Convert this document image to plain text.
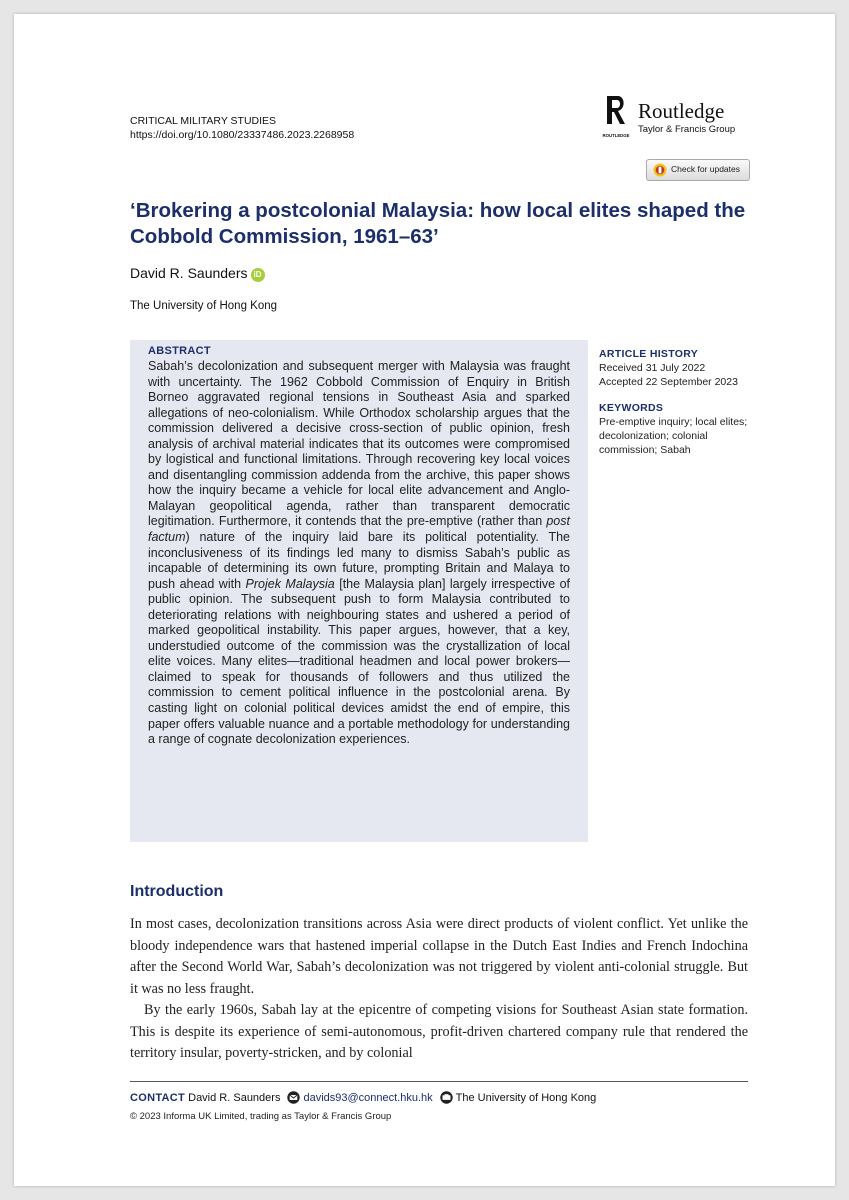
CRITICAL MILITARY STUDIES
https://doi.org/10.1080/23337486.2023.2268958	ROUTLEDGE
Routledge
Taylor & Francis Group
Check for updates
‘Brokering a postcolonial Malaysia: how local elites shaped the Cobbold Commission, 1961–63’
David R. Saunders iD
The University of Hong Kong
ABSTRACT
Sabah’s decolonization and subsequent merger with Malaysia was fraught with uncertainty. The 1962 Cobbold Commission of Enquiry in British Borneo aggravated regional tensions in Southeast Asia and sparked allegations of neo-colonialism. While Orthodox scholarship argues that the commission delivered a decisive cross-section of public opinion, fresh analysis of archival material indicates that its outcomes were compromised by logistical and functional limitations. Through recovering key local voices and disentangling commission addenda from the archive, this paper shows how the inquiry became a vehicle for local elite advancement and Anglo-Malayan geopolitical agenda, rather than transparent democratic legitimation. Furthermore, it contends that the pre-emptive (rather than post factum) nature of the inquiry laid bare its political potentiality. The inconclusiveness of its findings led many to dismiss Sabah’s public as incapable of determining its own future, prompting Britain and Malaya to push ahead with Projek Malaysia [the Malaysia plan] largely irrespective of public opinion. The subsequent push to form Malaysia contributed to deteriorating relations with neighbouring states and ushered a period of marked geopolitical instability. This paper argues, however, that a key, understudied outcome of the commission was the crystallization of local elite voices. Many elites—traditional headmen and local power brokers—claimed to speak for thousands of followers and thus utilized the commission to cement political influence in the postcolonial arena. By casting light on colonial political devices amidst the end of empire, this paper offers valuable nuance and a portable methodology for understanding a range of cognate decolonization experiences.
ARTICLE HISTORY
Received 31 July 2022
Accepted 22 September 2023
KEYWORDS
Pre-emptive inquiry; local elites; decolonization; colonial commission; Sabah
Introduction

In most cases, decolonization transitions across Asia were direct products of violent conflict. Yet unlike the bloody independence wars that hastened imperial collapse in the Dutch East Indies and French Indochina after the Second World War, Sabah’s decolonization was not triggered by violent anti-colonial struggle. But it was no less fraught.

By the early 1960s, Sabah lay at the epicentre of competing visions for Southeast Asian state formation. This is despite its experience of semi-autonomous, profit-driven chartered company rule that rendered the territory insular, poverty-stricken, and by colonial

CONTACT David R. Saunders davids93@connect.hku.hk The University of Hong Kong
© 2023 Informa UK Limited, trading as Taylor & Francis Group
